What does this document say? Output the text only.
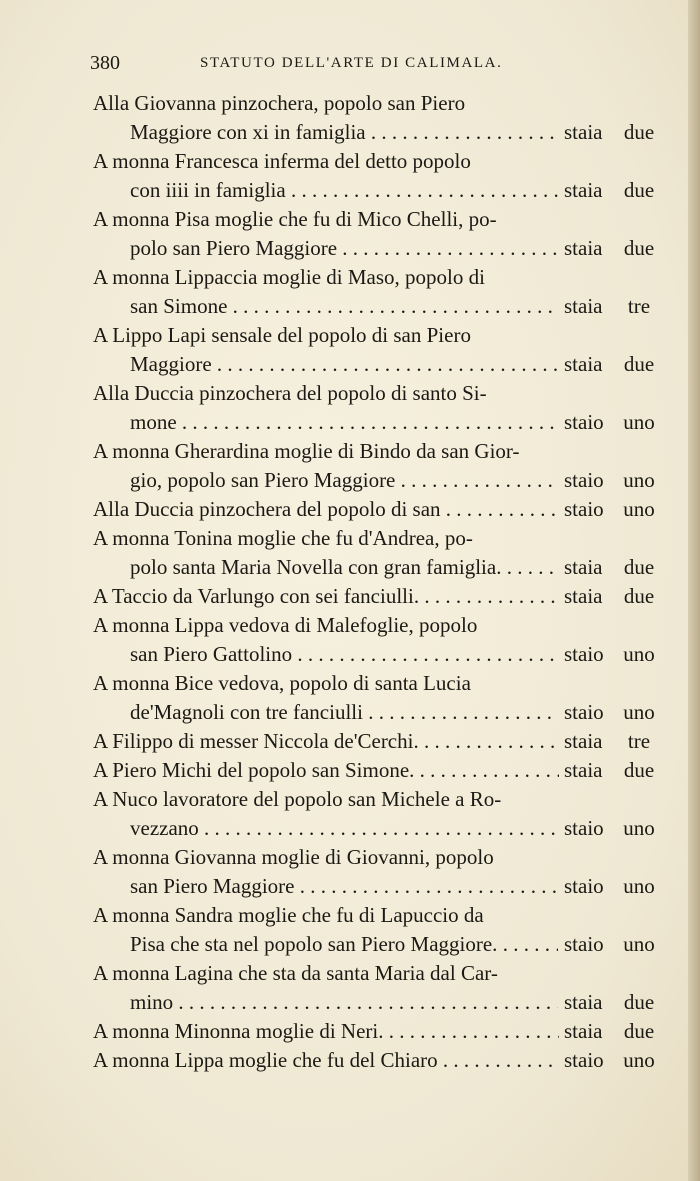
380	STATUTO DELL'ARTE DI CALIMALA.
Alla Giovanna pinzochera, popolo san Piero
Maggiore con xi in famiglia . . .	staia	due
A monna Francesca inferma del detto popolo
con iiii in famiglia . . .	staia	due
A monna Pisa moglie che fu di Mico Chelli, po-
polo san Piero Maggiore . . .	staia	due
A monna Lippaccia moglie di Maso, popolo di
san Simone . . .	staia	tre
A Lippo Lapi sensale del popolo di san Piero
Maggiore . . .	staia	due
Alla Duccia pinzochera del popolo di santo Si-
mone . . .	staio uno
A monna Gherardina moglie di Bindo da san Gior-
gio, popolo san Piero Maggiore . . .	staio uno
Alla Duccia pinzochera del popolo di san . . .	staio uno
A monna Tonina moglie che fu d'Andrea, po-
polo santa Maria Novella con gran famiglia. . . .	staia	due
A Taccio da Varlungo con sei fanciulli. . . .	staia	due
A monna Lippa vedova di Malefoglie, popolo
san Piero Gattolino . . .	staio uno
A monna Bice vedova, popolo di santa Lucia
de'Magnoli con tre fanciulli . . .	staio uno
A Filippo di messer Niccola de'Cerchi. . . .	staia	tre
A Piero Michi del popolo san Simone. . . .	staia	due
A Nuco lavoratore del popolo san Michele a Ro-
vezzano . . .	staio uno
A monna Giovanna moglie di Giovanni, popolo
san Piero Maggiore . . .	staio uno
A monna Sandra moglie che fu di Lapuccio da
Pisa che sta nel popolo san Piero Maggiore. . . .	staio uno
A monna Lagina che sta da santa Maria dal Car-
mino . . .	staia	due
A monna Minonna moglie di Neri. . . .	staia	due
A monna Lippa moglie che fu del Chiaro . . .	staio uno
